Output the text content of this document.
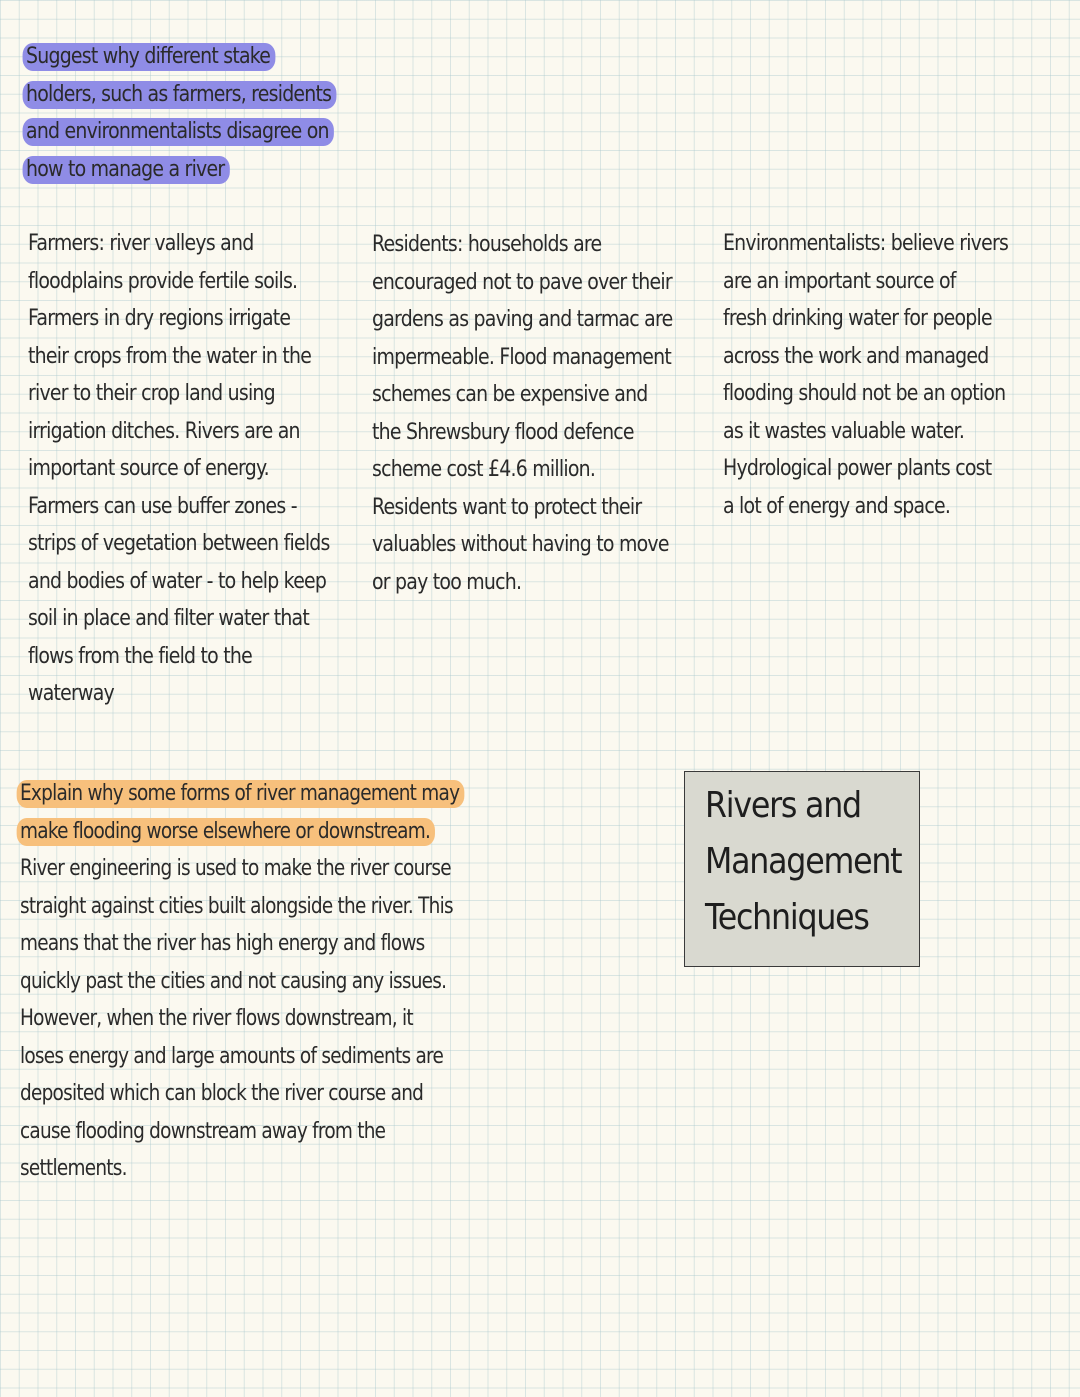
Suggest why different stake
holders, such as farmers, residents
and environmentalists disagree on
how to manage a river
Farmers: river valleys and
floodplains provide fertile soils.
Farmers in dry regions irrigate
their crops from the water in the
river to their crop land using
irrigation ditches. Rivers are an
important source of energy.
Farmers can use buffer zones -
strips of vegetation between fields
and bodies of water - to help keep
soil in place and filter water that
flows from the field to the
waterway
Residents: households are
encouraged not to pave over their
gardens as paving and tarmac are
impermeable. Flood management
schemes can be expensive and
the Shrewsbury flood defence
scheme cost £4.6 million.
Residents want to protect their
valuables without having to move
or pay too much.
Environmentalists: believe rivers
are an important source of
fresh drinking water for people
across the work and managed
flooding should not be an option
as it wastes valuable water.
Hydrological power plants cost
a lot of energy and space.
Explain why some forms of river management may
make flooding worse elsewhere or downstream.
River engineering is used to make the river course
straight against cities built alongside the river. This
means that the river has high energy and flows
quickly past the cities and not causing any issues.
However, when the river flows downstream, it
loses energy and large amounts of sediments are
deposited which can block the river course and
cause flooding downstream away from the
settlements.
Rivers and
Management
Techniques
